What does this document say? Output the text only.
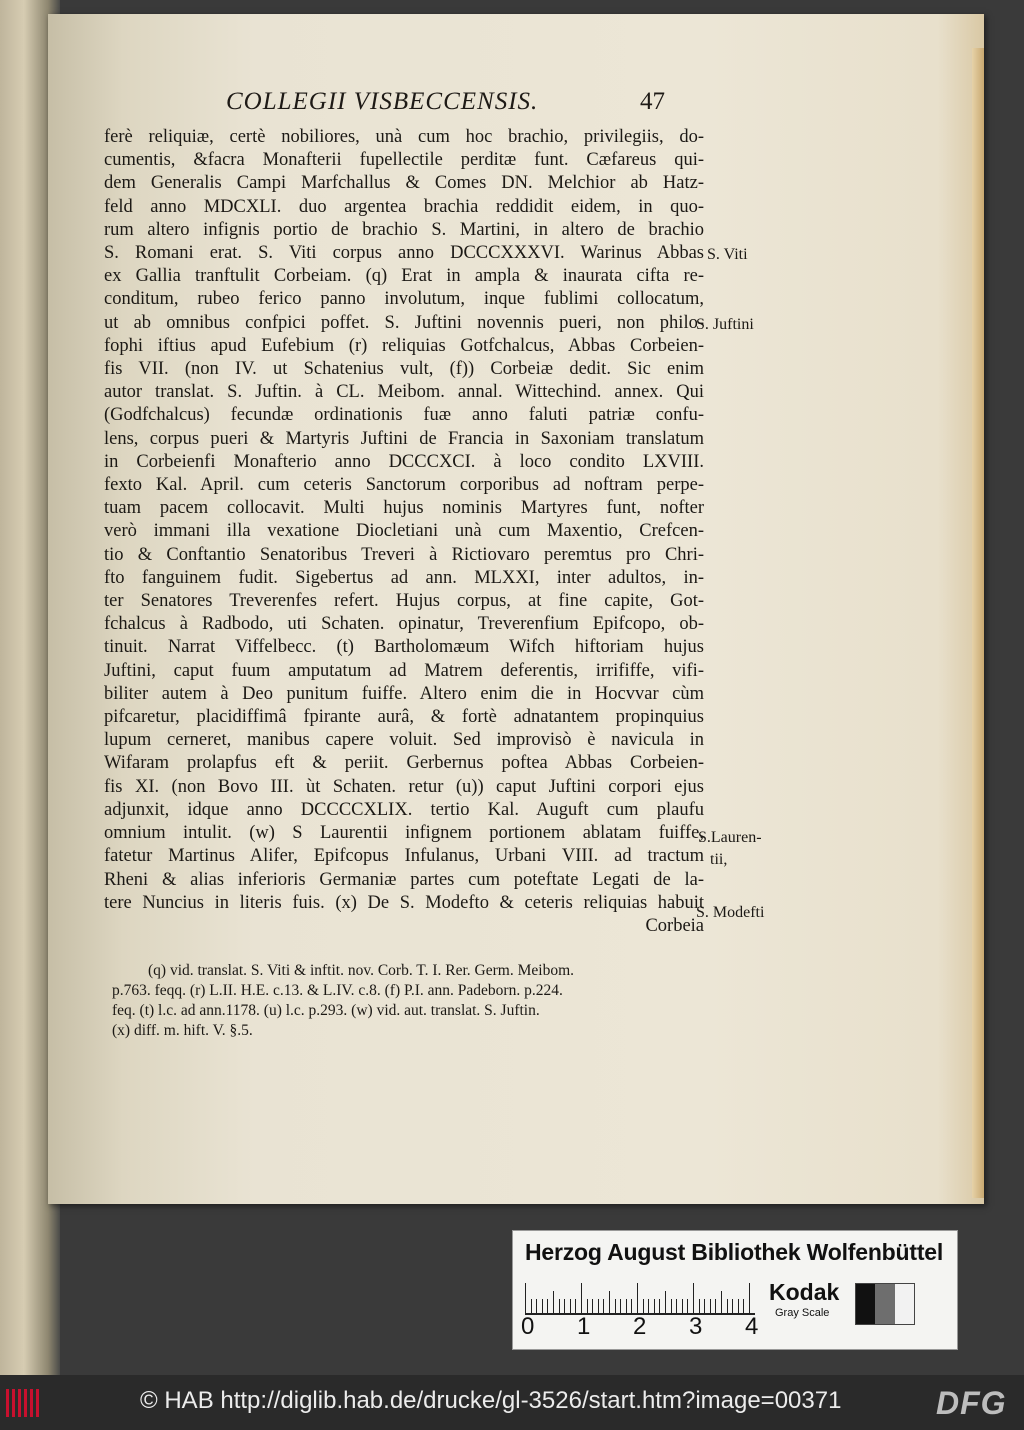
COLLEGII VISBECCENSIS.	47
ferè reliquiæ, certè nobiliores, unà cum hoc brachio, privilegiis, do-
cumentis, &facra Monafterii fupellectile perditæ funt. Cæfareus qui-
dem Generalis Campi Marfchallus & Comes DN. Melchior ab Hatz-
feld anno MDCXLI. duo argentea brachia reddidit eidem, in quo-
rum altero infignis portio de brachio S. Martini, in altero de brachio
S. Romani erat. S. Viti corpus anno DCCCXXXVI. Warinus Abbas
ex Gallia tranftulit Corbeiam. (q) Erat in ampla & inaurata cifta re-
conditum, rubeo ferico panno involutum, inque fublimi collocatum,
ut ab omnibus confpici poffet. S. Juftini novennis pueri, non philo-
fophi iftius apud Eufebium (r) reliquias Gotfchalcus, Abbas Corbeien-
fis VII. (non IV. ut Schatenius vult, (f)) Corbeiæ dedit. Sic enim
autor translat. S. Juftin. à CL. Meibom. annal. Wittechind. annex. Qui
(Godfchalcus) fecundæ ordinationis fuæ anno faluti patriæ confu-
lens, corpus pueri & Martyris Juftini de Francia in Saxoniam translatum
in Corbeienfi Monafterio anno DCCCXCI. à loco condito LXVIII.
fexto Kal. April. cum ceteris Sanctorum corporibus ad noftram perpe-
tuam pacem collocavit. Multi hujus nominis Martyres funt, nofter
verò immani illa vexatione Diocletiani unà cum Maxentio, Crefcen-
tio & Conftantio Senatoribus Treveri à Rictiovaro peremtus pro Chri-
fto fanguinem fudit. Sigebertus ad ann. MLXXI, inter adultos, in-
ter Senatores Treverenfes refert. Hujus corpus, at fine capite, Got-
fchalcus à Radbodo, uti Schaten. opinatur, Treverenfium Epifcopo, ob-
tinuit. Narrat Viffelbecc. (t) Bartholomæum Wifch hiftoriam hujus
Juftini, caput fuum amputatum ad Matrem deferentis, irrififfe, vifi-
biliter autem à Deo punitum fuiffe. Altero enim die in Hocvvar cùm
pifcaretur, placidiffimâ fpirante aurâ, & fortè adnatantem propinquius
lupum cerneret, manibus capere voluit. Sed improvisò è navicula in
Wifaram prolapfus eft & periit. Gerbernus poftea Abbas Corbeien-
fis XI. (non Bovo III. ùt Schaten. retur (u)) caput Juftini corpori ejus
adjunxit, idque anno DCCCCXLIX. tertio Kal. Auguft cum plaufu
omnium intulit. (w) S Laurentii infignem portionem ablatam fuiffe,
fatetur Martinus Alifer, Epifcopus Infulanus, Urbani VIII. ad tractum
Rheni & alias inferioris Germaniæ partes cum poteftate Legati de la-
tere Nuncius in literis fuis. (x) De S. Modefto & ceteris reliquias habuit
Corbeia
S. Viti
S. Juftini
S.Lauren-
tii,
S. Modefti
(q) vid. translat. S. Viti & inftit. nov. Corb. T. I. Rer. Germ. Meibom.
p.763. feqq. (r) L.II. H.E. c.13. & L.IV. c.8. (f) P.I. ann. Padeborn. p.224.
feq. (t) l.c. ad ann.1178. (u) l.c. p.293. (w) vid. aut. translat. S. Juftin.
(x) diff. m. hift. V. §.5.
Herzog August Bibliothek Wolfenbüttel
0 1 2 3 4
Kodak
Gray Scale
© HAB http://diglib.hab.de/drucke/gl-3526/start.htm?image=00371	DFG
